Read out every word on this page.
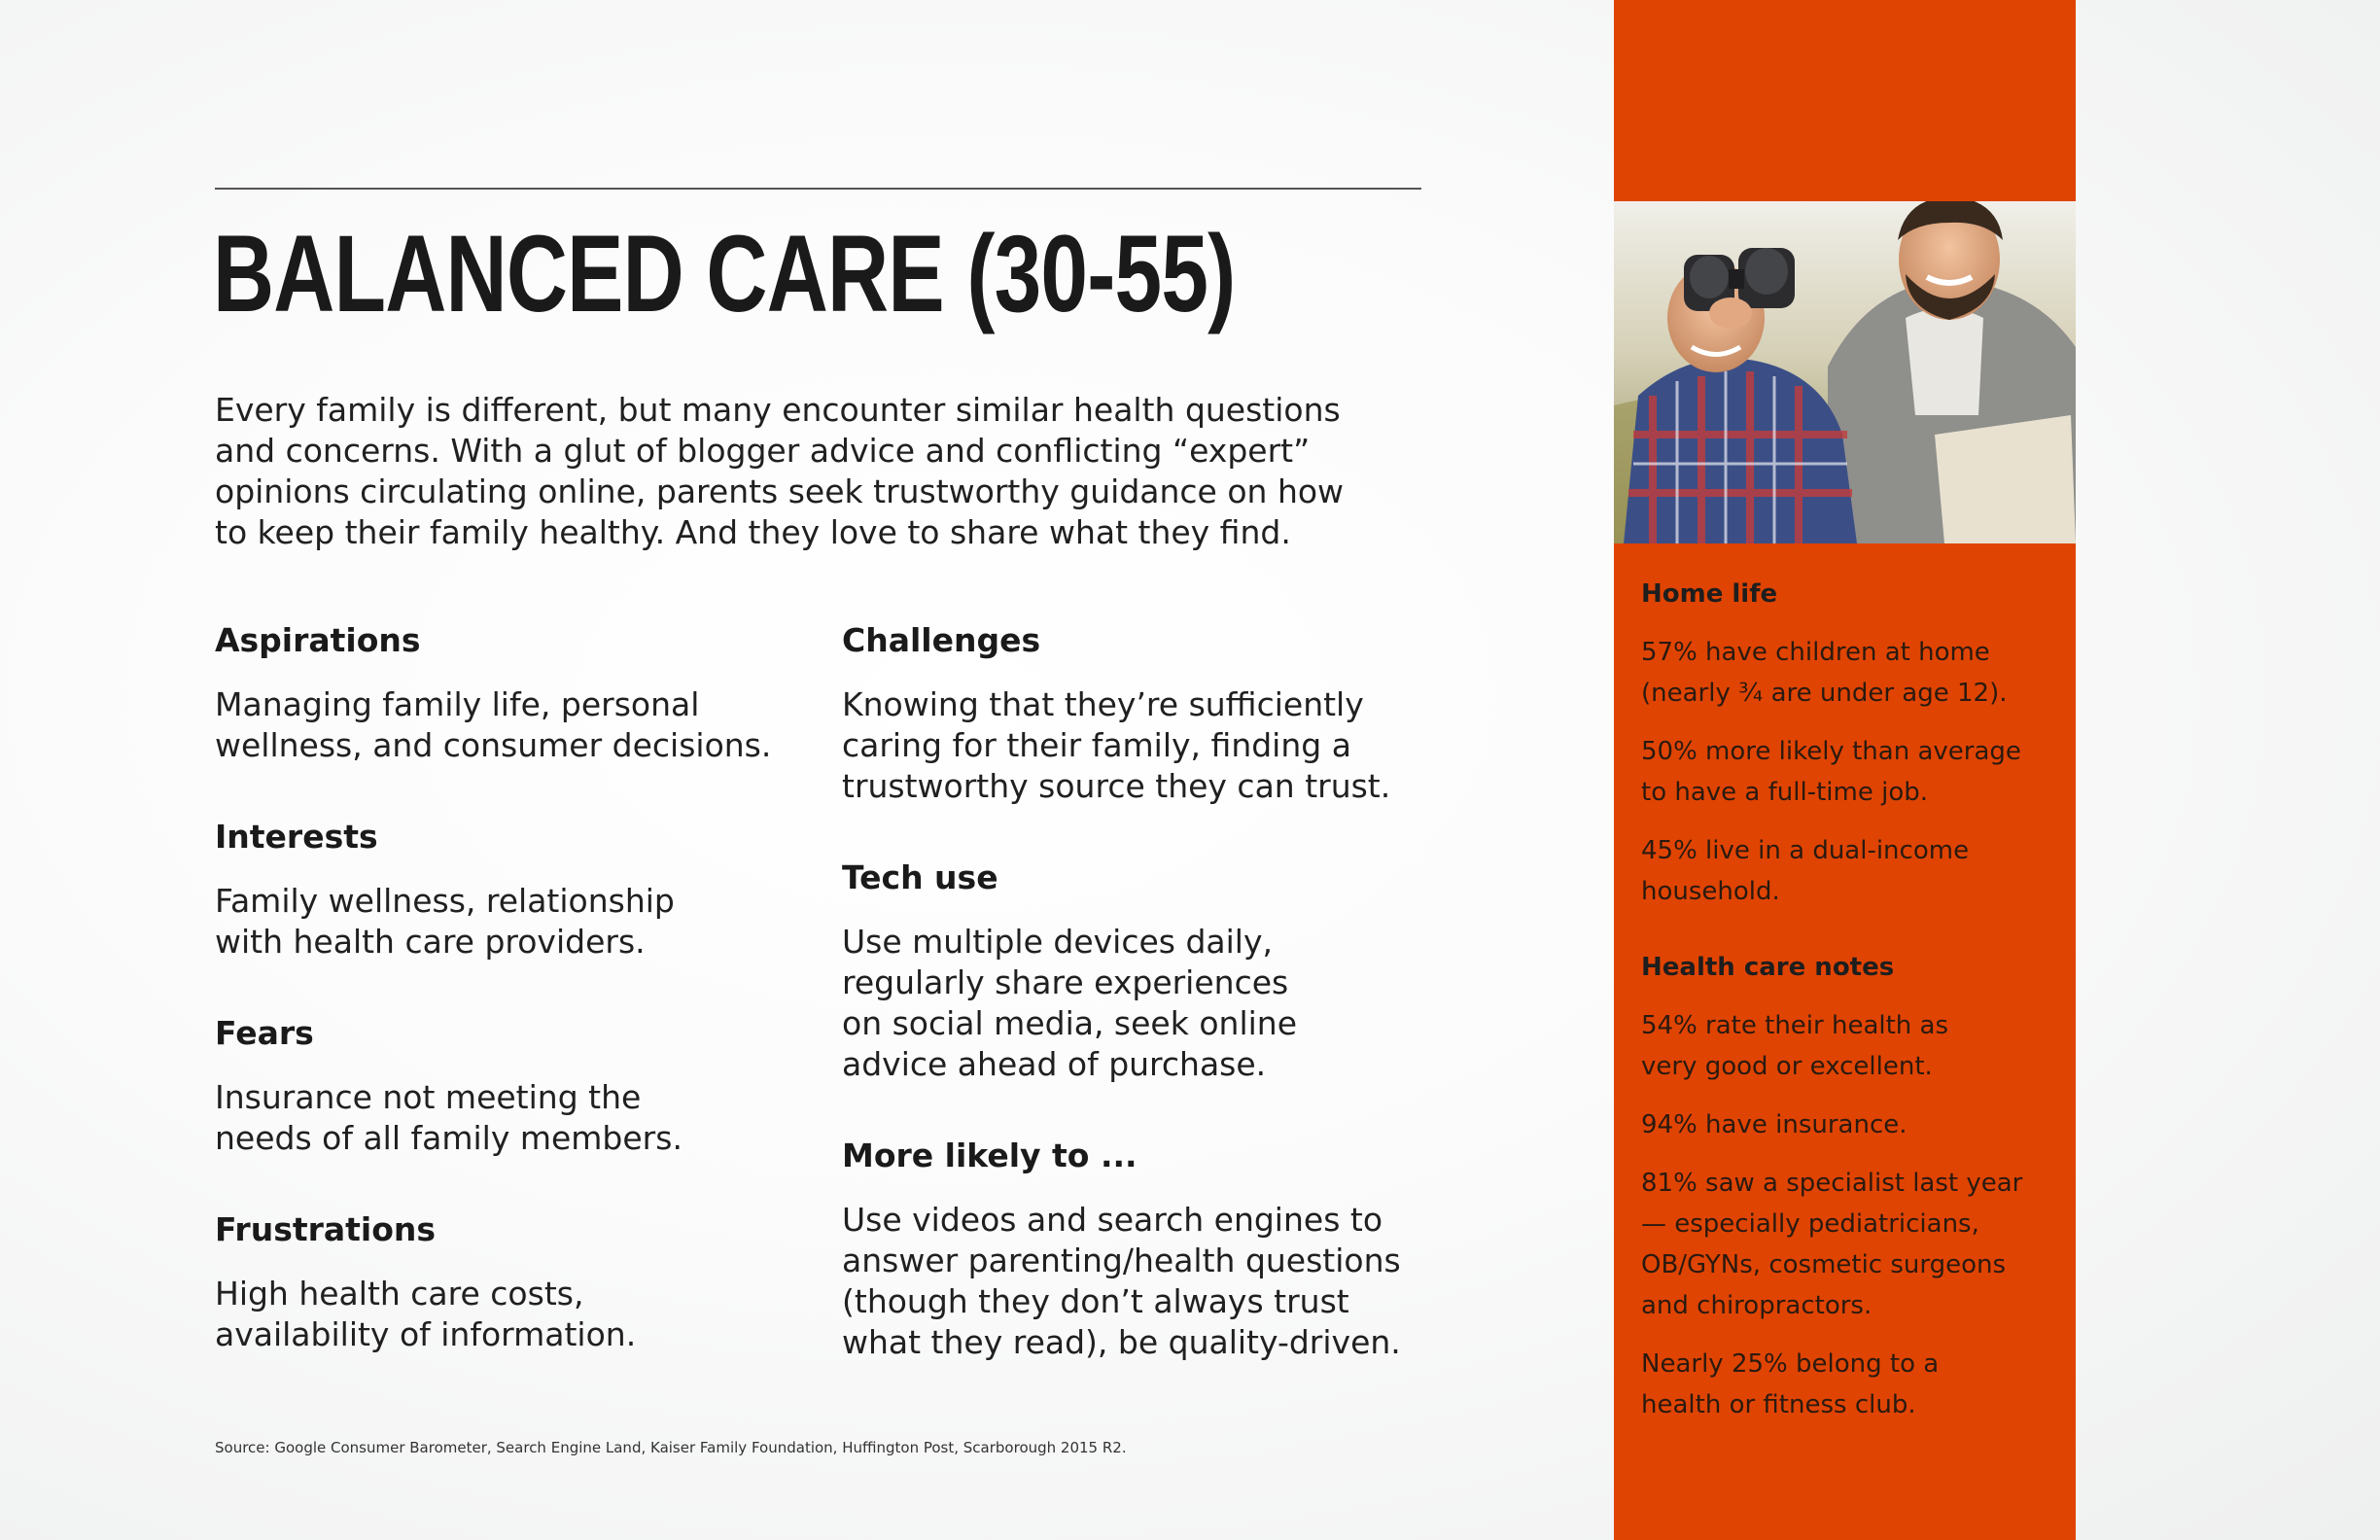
BALANCED CARE (30-55)

Every family is different, but many encounter similar health questions and concerns. With a glut of blogger advice and conflicting “expert” opinions circulating online, parents seek trustworthy guidance on how to keep their family healthy. And they love to share what they find.

Aspirations

Managing family life, personal
wellness, and consumer decisions.

Interests

Family wellness, relationship
with health care providers.

Fears

Insurance not meeting the
needs of all family members.

Frustrations

High health care costs,
availability of information.

Challenges

Knowing that they’re sufficiently
caring for their family, finding a
trustworthy source they can trust.

Tech use

Use multiple devices daily,
regularly share experiences
on social media, seek online
advice ahead of purchase.

More likely to ...

Use videos and search engines to
answer parenting/health questions
(though they don’t always trust
what they read), be quality-driven.

Source: Google Consumer Barometer, Search Engine Land, Kaiser Family Foundation, Huffington Post, Scarborough 2015 R2.

Home life

57% have children at home
(nearly ¾ are under age 12).

50% more likely than average
to have a full-time job.

45% live in a dual-income
household.

Health care notes

54% rate their health as
very good or excellent.

94% have insurance.

81% saw a specialist last year
— especially pediatricians,
OB/GYNs, cosmetic surgeons
and chiropractors.

Nearly 25% belong to a
health or fitness club.
